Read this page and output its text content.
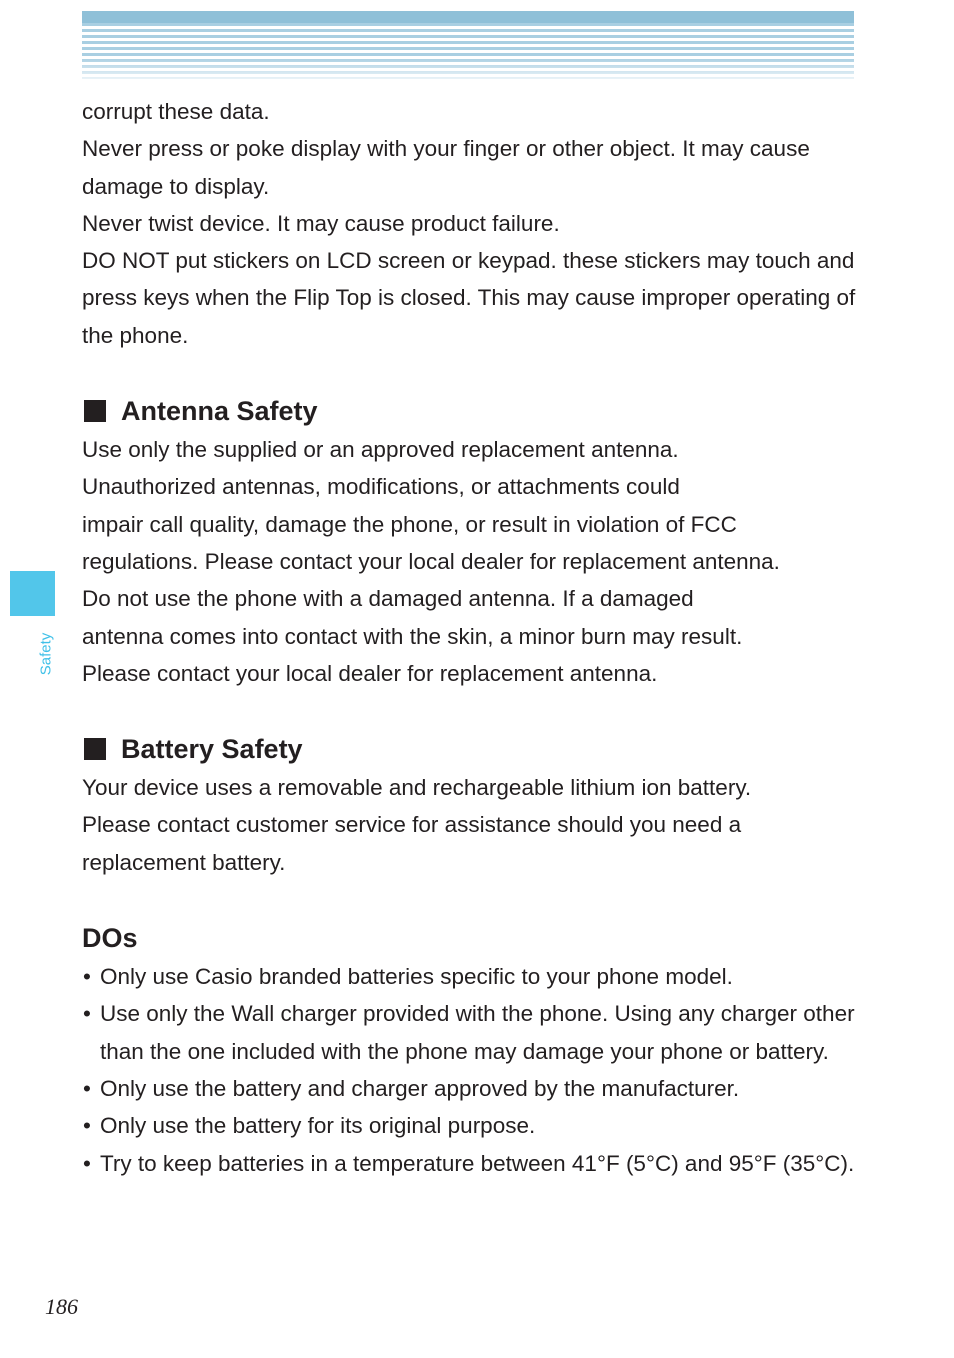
Safety

corrupt these data.

Never press or poke display with your finger or other object. It may cause damage to display.

Never twist device. It may cause product failure.

DO NOT put stickers on LCD screen or keypad. these stickers may touch and press keys when the Flip Top is closed. This may cause improper operating of the phone.

Antenna Safety

Use only the supplied or an approved replacement antenna.

Unauthorized antennas, modifications, or attachments could

impair call quality, damage the phone, or result in violation of FCC

regulations. Please contact your local dealer for replacement antenna.

Do not use the phone with a damaged antenna. If a damaged

antenna comes into contact with the skin, a minor burn may result.

Please contact your local dealer for replacement antenna.

Battery Safety

Your device uses a removable and rechargeable lithium ion battery.

Please contact customer service for assistance should you need a

replacement battery.

DOs
• Only use Casio branded batteries specific to your phone model.
• Use only the Wall charger provided with the phone. Using any charger other than the one included with the phone may damage your phone or battery.
• Only use the battery and charger approved by the manufacturer.
• Only use the battery for its original purpose.
• Try to keep batteries in a temperature between 41°F (5°C) and 95°F (35°C).
186
